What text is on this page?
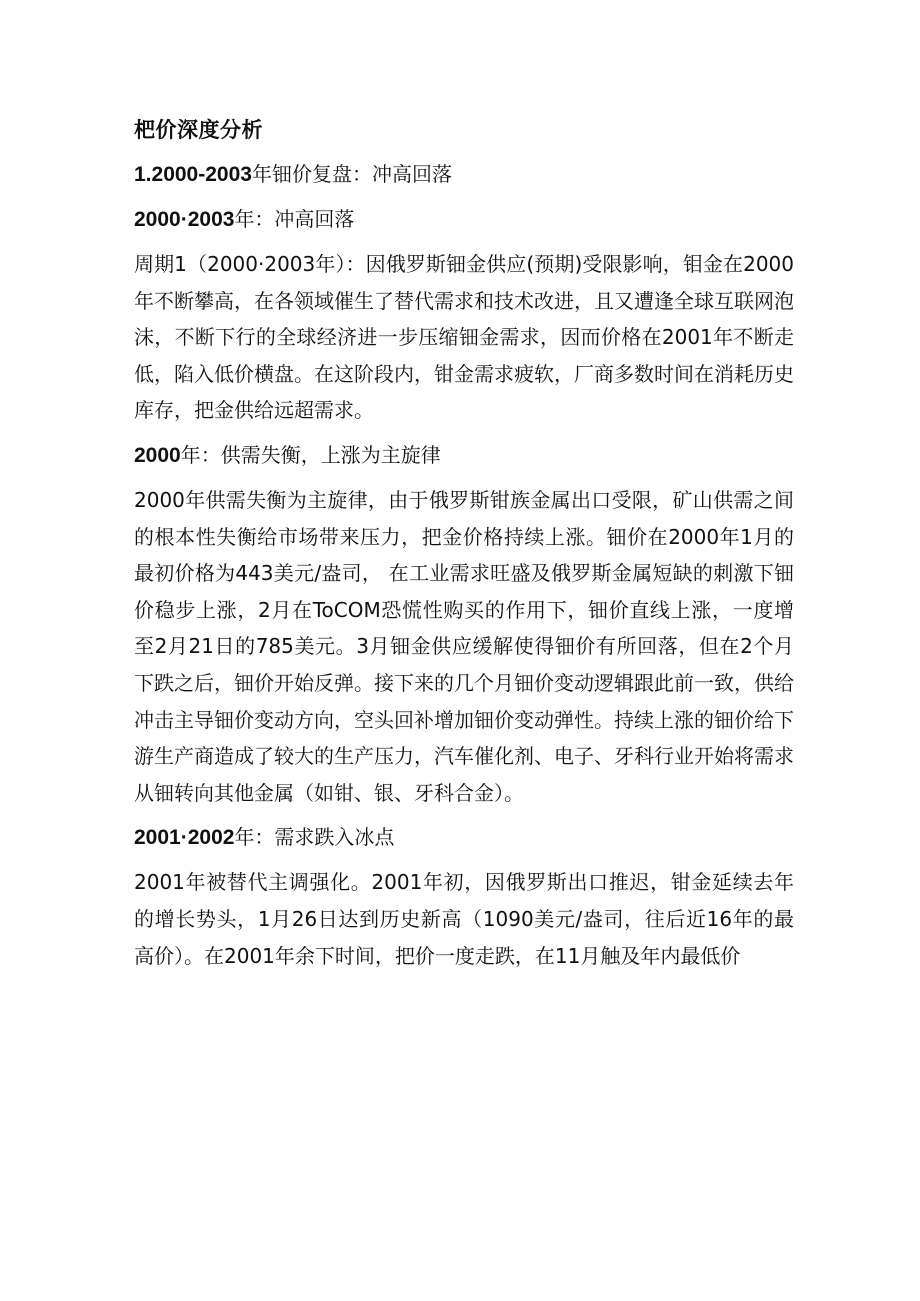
杷价深度分析
1.2000-2003年钿价复盘：冲高回落
2000·2003年：冲高回落

周期1（2000·2003年）：因俄罗斯钿金供应(预期)受限影响，钼金在2000年不断攀高，在各领域催生了替代需求和技术改进，且又遭逢全球互联网泡沫，不断下行的全球经济进一步压缩钿金需求，因而价格在2001年不断走低，陷入低价横盘。在这阶段内，钳金需求疲软，厂商多数时间在消耗历史库存，把金供给远超需求。

2000年：供需失衡，上涨为主旋律

2000年供需失衡为主旋律，由于俄罗斯钳族金属出口受限，矿山供需之间的根本性失衡给市场带来压力，把金价格持续上涨。钿价在2000年1月的最初价格为443美元/盎司， 在工业需求旺盛及俄罗斯金属短缺的刺激下钿价稳步上涨，2月在ToCOM恐慌性购买的作用下，钿价直线上涨，一度增至2月21日的785美元。3月钿金供应缓解使得钿价有所回落，但在2个月下跌之后，钿价开始反弹。接下来的几个月钿价变动逻辑跟此前一致，供给冲击主导钿价变动方向，空头回补增加钿价变动弹性。持续上涨的钿价给下游生产商造成了较大的生产压力，汽车催化剂、电子、牙科行业开始将需求从钿转向其他金属（如钳、银、牙科合金）。

2001·2002年：需求跌入冰点

2001年被替代主调强化。2001年初，因俄罗斯出口推迟，钳金延续去年的增长势头，1月26日达到历史新高（1090美元/盎司，往后近16年的最高价）。在2001年余下时间，把价一度走跌，在11月触及年内最低价
